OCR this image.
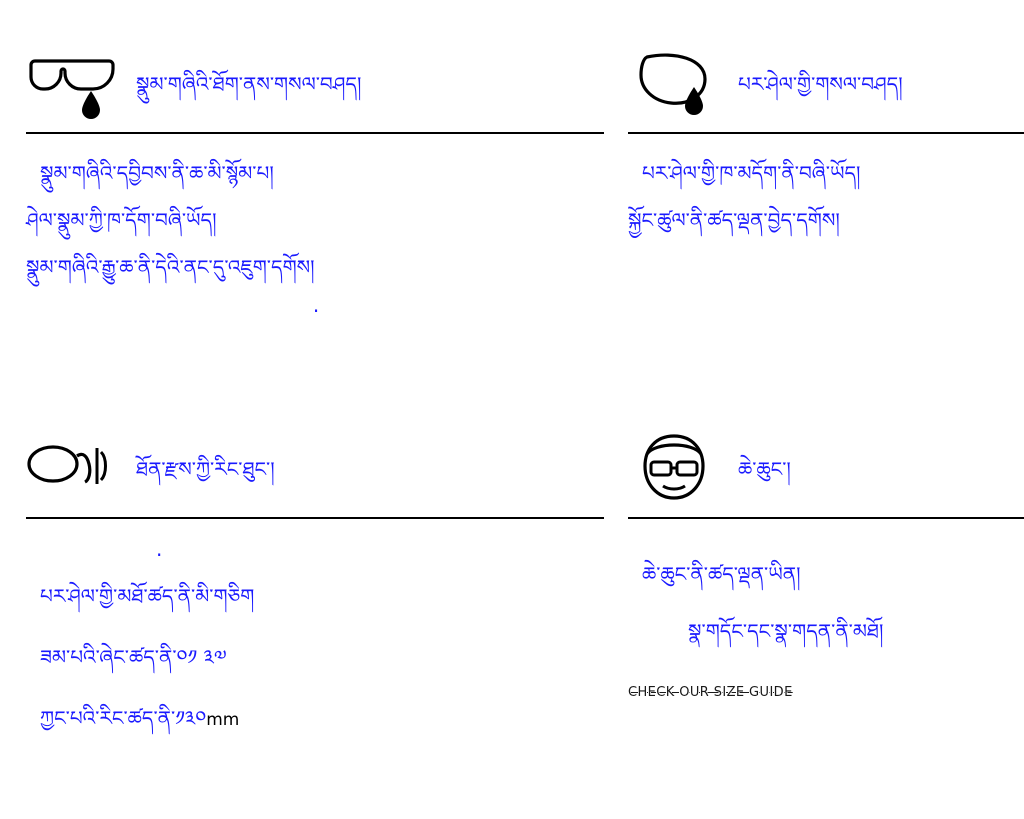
སྣུམ་གཞིའི་ཐོག་ནས་གསལ་བཤད།
སྣུམ་གཞིའི་དབྱིབས་ནི་ཆ་མི་སྙོམ་པ།
ཤེལ་སྣུམ་ཀྱི་ཁ་དོག་བཞི་ཡོད།
སྣུམ་གཞིའི་རྒྱུ་ཆ་ནི་དེའི་ནང་དུ་འཇུག་དགོས།
·
པར་ཤེལ་གྱི་གསལ་བཤད།
པར་ཤེལ་གྱི་ཁ་མདོག་ནི་བཞི་ཡོད།
སྐྱོང་ཚུལ་ནི་ཚད་ལྡན་བྱེད་དགོས།
ཐོན་རྫས་ཀྱི་རིང་ཐུང་།
·
པར་ཤེལ་གྱི་མཐོ་ཚད་ནི་མི་གཅིག
ཟམ་པའི་ཞེང་ཚད་ནི་༠༡ ༣༧
ཀྱང་པའི་རིང་ཚད་ནི་༡༣༠mm
ཆེ་ཆུང་།
ཆེ་ཆུང་ནི་ཚད་ལྡན་ཡིན།
སྣ་གདོང་དང་སྣ་གདན་ནི་མཐོ།
CHECK OUR SIZE GUIDE
